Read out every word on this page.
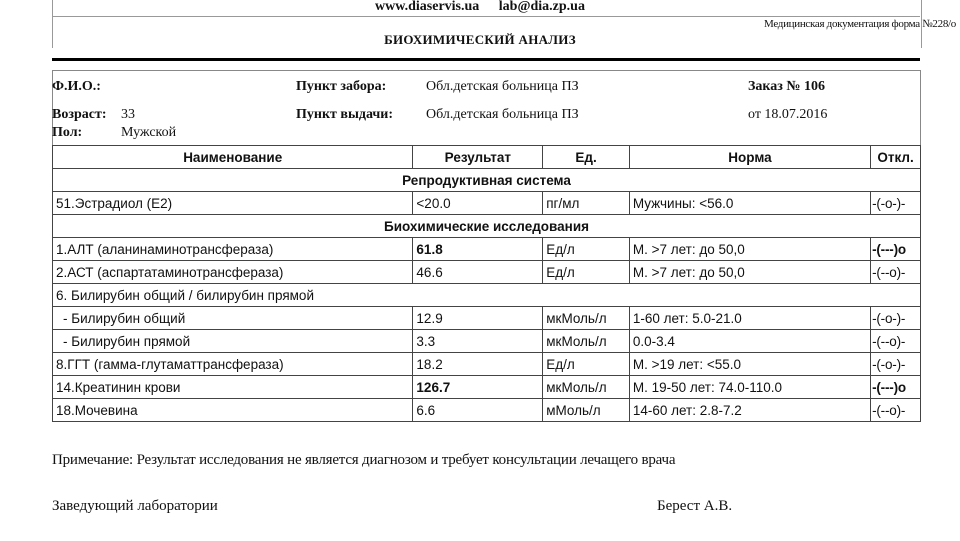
www.diaservis.ua lab@dia.zp.ua
Медицинская документация форма №228/о
БИОХИМИЧЕСКИЙ АНАЛИЗ
Ф.И.О.:
Возраст: 33
Пол:	Мужской
Пункт забора:	Обл.детская больница ПЗ
Пункт выдачи: Обл.детская больница ПЗ
Заказ № 106
от 18.07.2016
Наименование	Результат	Ед.	Норма	Откл.
Репродуктивная система				
51.Эстрадиол (E2)	<20.0	пг/мл	Мужчины: <56.0	-(-o-)-
Биохимические исследования				
1.АЛТ (аланинаминотрансфераза)	61.8	Ед/л	М. >7 лет: до 50,0	-(---)o
2.АСТ (аспартатаминотрансфераза)	46.6	Ед/л	М. >7 лет: до 50,0	-(--o)-
6. Билирубин общий / билирубин прямой				
- Билирубин общий	12.9	мкМоль/л	1-60 лет: 5.0-21.0	-(-o-)-
- Билирубин прямой	3.3	мкМоль/л	0.0-3.4	-(--o)-
8.ГГТ (гамма-глутаматтрансфераза)	18.2	Ед/л	М. >19 лет: <55.0	-(-o-)-
14.Креатинин крови	126.7	мкМоль/л	М. 19-50 лет: 74.0-110.0	-(---)o
18.Мочевина	6.6	мМоль/л	14-60 лет: 2.8-7.2	-(--o)-
Примечание: Результат исследования не является диагнозом и требует консультации лечащего врача
Заведующий лаборатории	Берест А.В.
